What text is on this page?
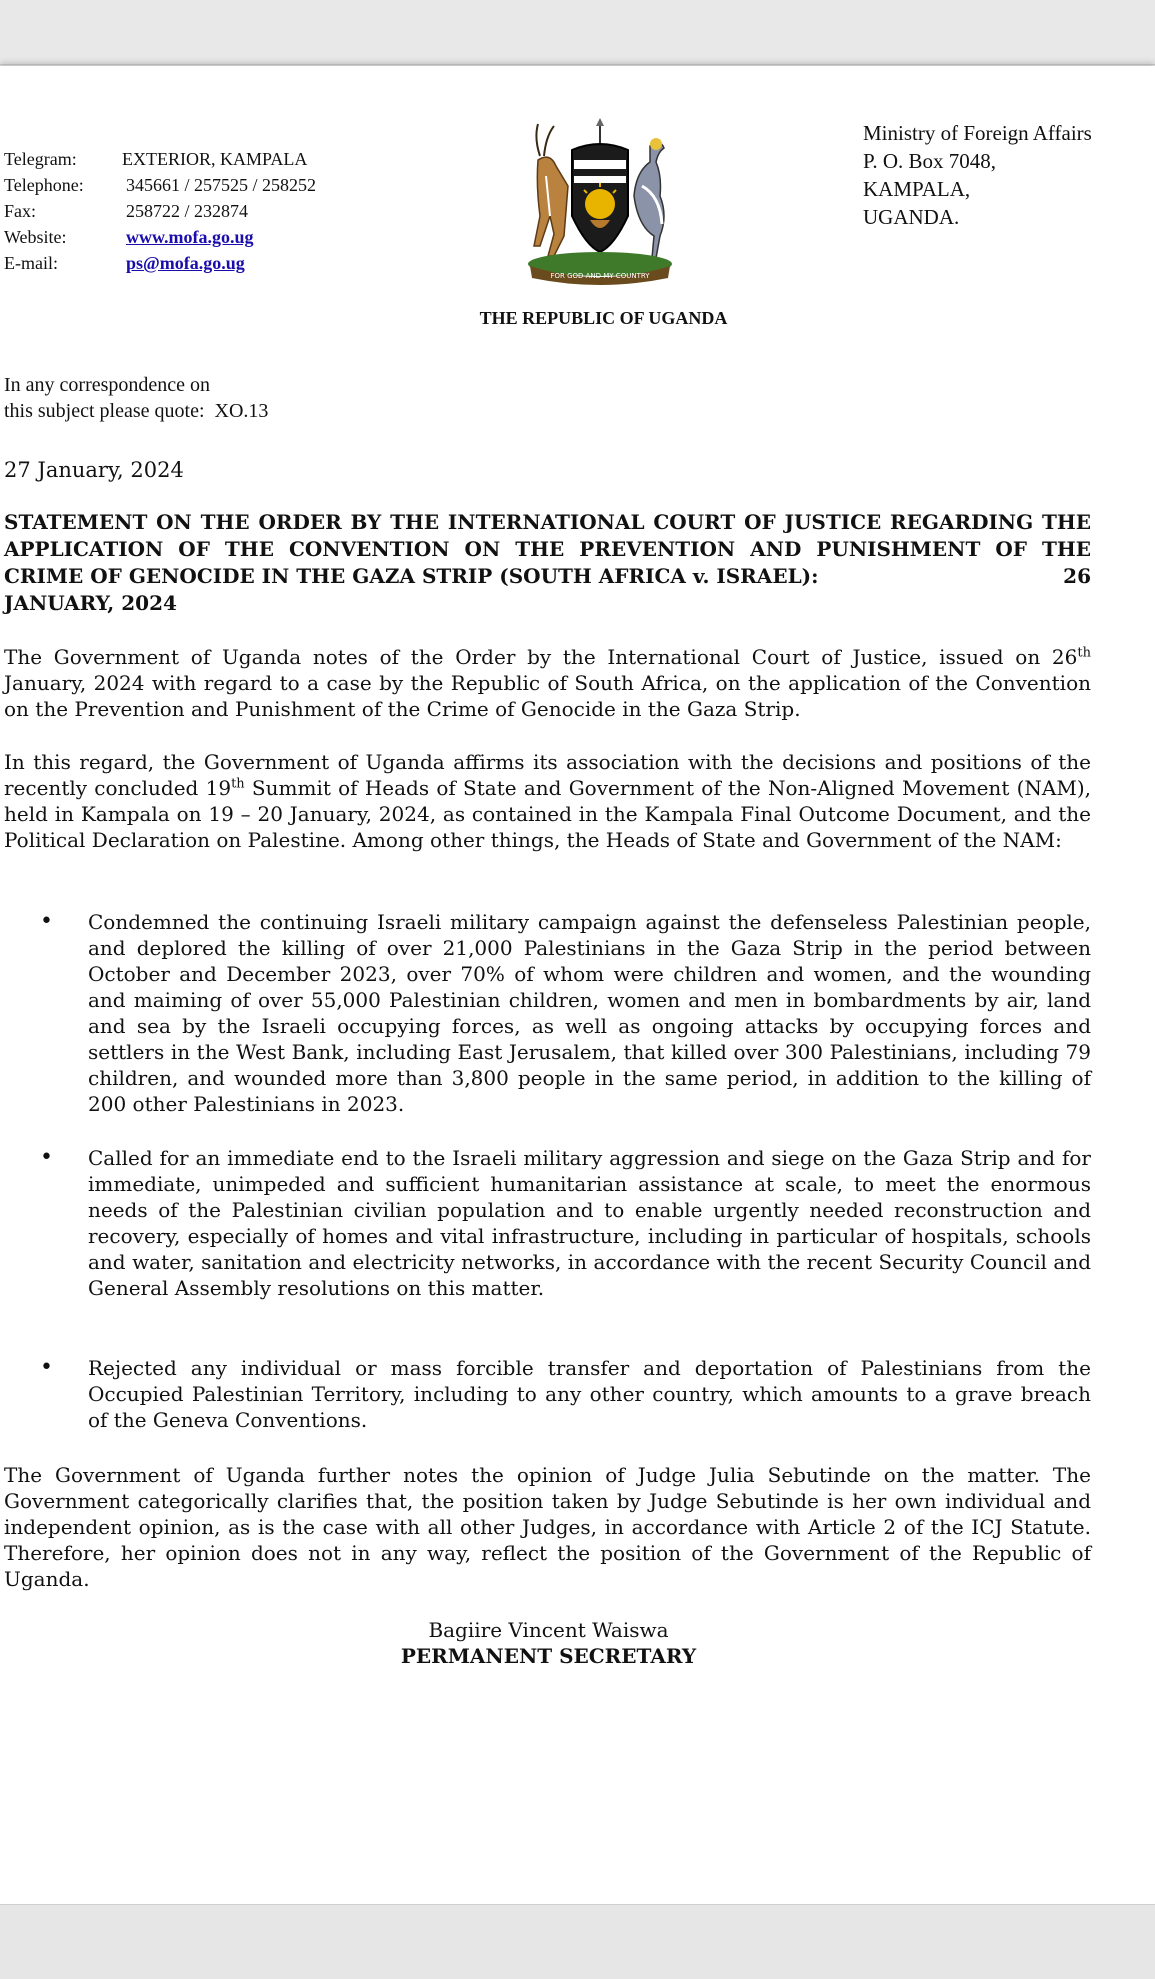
Telegram:	EXTERIOR, KAMPALA
Telephone:	345661 / 257525 / 258252
Fax:	258722 / 232874
Website:	www.mofa.go.ug
E-mail:	ps@mofa.go.ug
FOR GOD AND MY COUNTRY
Ministry of Foreign Affairs
P. O. Box 7048,
KAMPALA,
UGANDA.
THE REPUBLIC OF UGANDA
In any correspondence on
this subject please quote: XO.13
27 January, 2024
STATEMENT ON THE ORDER BY THE INTERNATIONAL COURT OF JUSTICE REGARDING THE APPLICATION OF THE CONVENTION ON THE PREVENTION AND PUNISHMENT OF THE CRIME OF GENOCIDE IN THE GAZA STRIP (SOUTH AFRICA v. ISRAEL):	26
JANUARY, 2024
The Government of Uganda notes of the Order by the International Court of Justice, issued on 26th January, 2024 with regard to a case by the Republic of South Africa, on the application of the Convention on the Prevention and Punishment of the Crime of Genocide in the Gaza Strip.
In this regard, the Government of Uganda affirms its association with the decisions and positions of the recently concluded 19th Summit of Heads of State and Government of the Non-Aligned Movement (NAM), held in Kampala on 19 – 20 January, 2024, as contained in the Kampala Final Outcome Document, and the Political Declaration on Palestine. Among other things, the Heads of State and Government of the NAM:
•	Condemned the continuing Israeli military campaign against the defenseless Palestinian people, and deplored the killing of over 21,000 Palestinians in the Gaza Strip in the period between October and December 2023, over 70% of whom were children and women, and the wounding and maiming of over 55,000 Palestinian children, women and men in bombardments by air, land and sea by the Israeli occupying forces, as well as ongoing attacks by occupying forces and settlers in the West Bank, including East Jerusalem, that killed over 300 Palestinians, including 79 children, and wounded more than 3,800 people in the same period, in addition to the killing of 200 other Palestinians in 2023.
•	Called for an immediate end to the Israeli military aggression and siege on the Gaza Strip and for immediate, unimpeded and sufficient humanitarian assistance at scale, to meet the enormous needs of the Palestinian civilian population and to enable urgently needed reconstruction and recovery, especially of homes and vital infrastructure, including in particular of hospitals, schools and water, sanitation and electricity networks, in accordance with the recent Security Council and General Assembly resolutions on this matter.
•	Rejected any individual or mass forcible transfer and deportation of Palestinians from the Occupied Palestinian Territory, including to any other country, which amounts to a grave breach of the Geneva Conventions.
The Government of Uganda further notes the opinion of Judge Julia Sebutinde on the matter. The Government categorically clarifies that, the position taken by Judge Sebutinde is her own individual and independent opinion, as is the case with all other Judges, in accordance with Article 2 of the ICJ Statute. Therefore, her opinion does not in any way, reflect the position of the Government of the Republic of Uganda.
Bagiire Vincent Waiswa
PERMANENT SECRETARY
